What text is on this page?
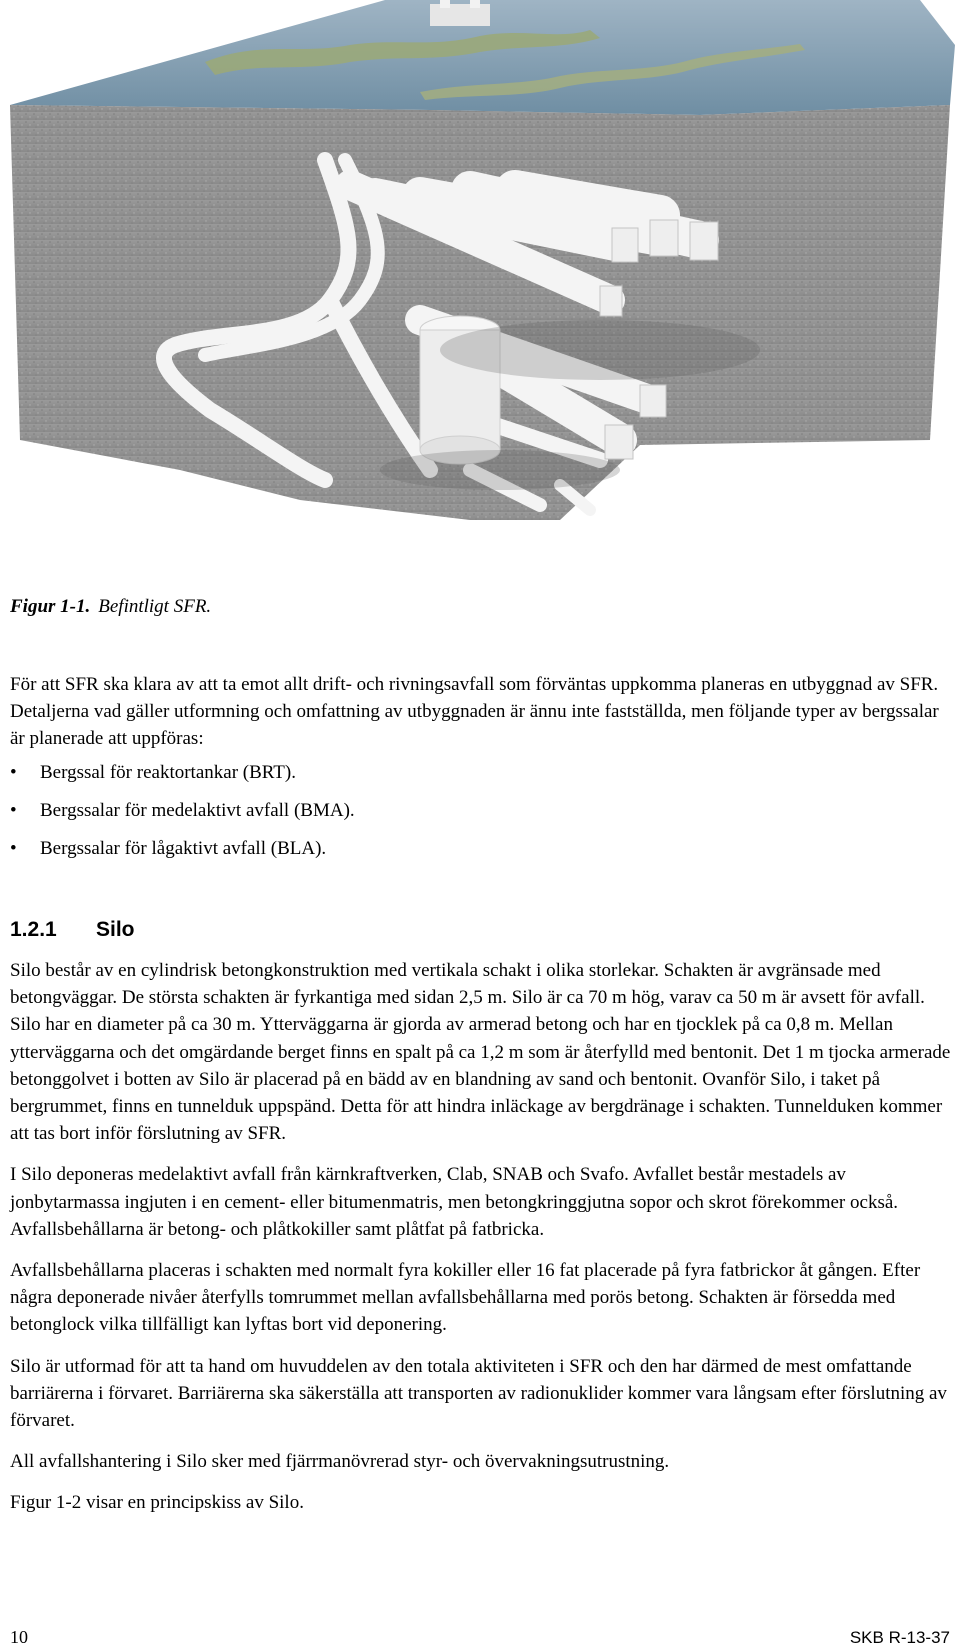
Figur 1-1. Befintligt SFR.

För att SFR ska klara av att ta emot allt drift- och rivningsavfall som förväntas uppkomma planeras en utbyggnad av SFR. Detaljerna vad gäller utformning och omfattning av utbyggnaden är ännu inte fastställda, men följande typer av bergssalar är planerade att uppföras:

• Bergssal för reaktortankar (BRT).
• Bergssalar för medelaktivt avfall (BMA).
• Bergssalar för lågaktivt avfall (BLA).
1.2.1 Silo

Silo består av en cylindrisk betongkonstruktion med vertikala schakt i olika storlekar. Schakten är avgränsade med betongväggar. De största schakten är fyrkantiga med sidan 2,5 m. Silo är ca 70 m hög, varav ca 50 m är avsett för avfall. Silo har en diameter på ca 30 m. Ytterväggarna är gjorda av armerad betong och har en tjocklek på ca 0,8 m. Mellan ytterväggarna och det omgärdande berget finns en spalt på ca 1,2 m som är återfylld med bentonit. Det 1 m tjocka armerade betonggolvet i botten av Silo är placerad på en bädd av en blandning av sand och bentonit. Ovanför Silo, i taket på bergrummet, finns en tunnelduk uppspänd. Detta för att hindra inläckage av bergdränage i schakten. Tunnelduken kommer att tas bort inför förslutning av SFR.

I Silo deponeras medelaktivt avfall från kärnkraftverken, Clab, SNAB och Svafo. Avfallet består mestadels av jonbytarmassa ingjuten i en cement- eller bitumenmatris, men betongkringgjutna sopor och skrot förekommer också. Avfallsbehållarna är betong- och plåtkokiller samt plåtfat på fatbricka.

Avfallsbehållarna placeras i schakten med normalt fyra kokiller eller 16 fat placerade på fyra fatbrickor åt gången. Efter några deponerade nivåer återfylls tomrummet mellan avfallsbehållarna med porös betong. Schakten är försedda med betonglock vilka tillfälligt kan lyftas bort vid deponering.

Silo är utformad för att ta hand om huvuddelen av den totala aktiviteten i SFR och den har därmed de mest omfattande barriärerna i förvaret. Barriärerna ska säkerställa att transporten av radionuklider kommer vara långsam efter förslutning av förvaret.

All avfallshantering i Silo sker med fjärrmanövrerad styr- och övervakningsutrustning.

Figur 1-2 visar en principskiss av Silo.

10	SKB R-13-37
